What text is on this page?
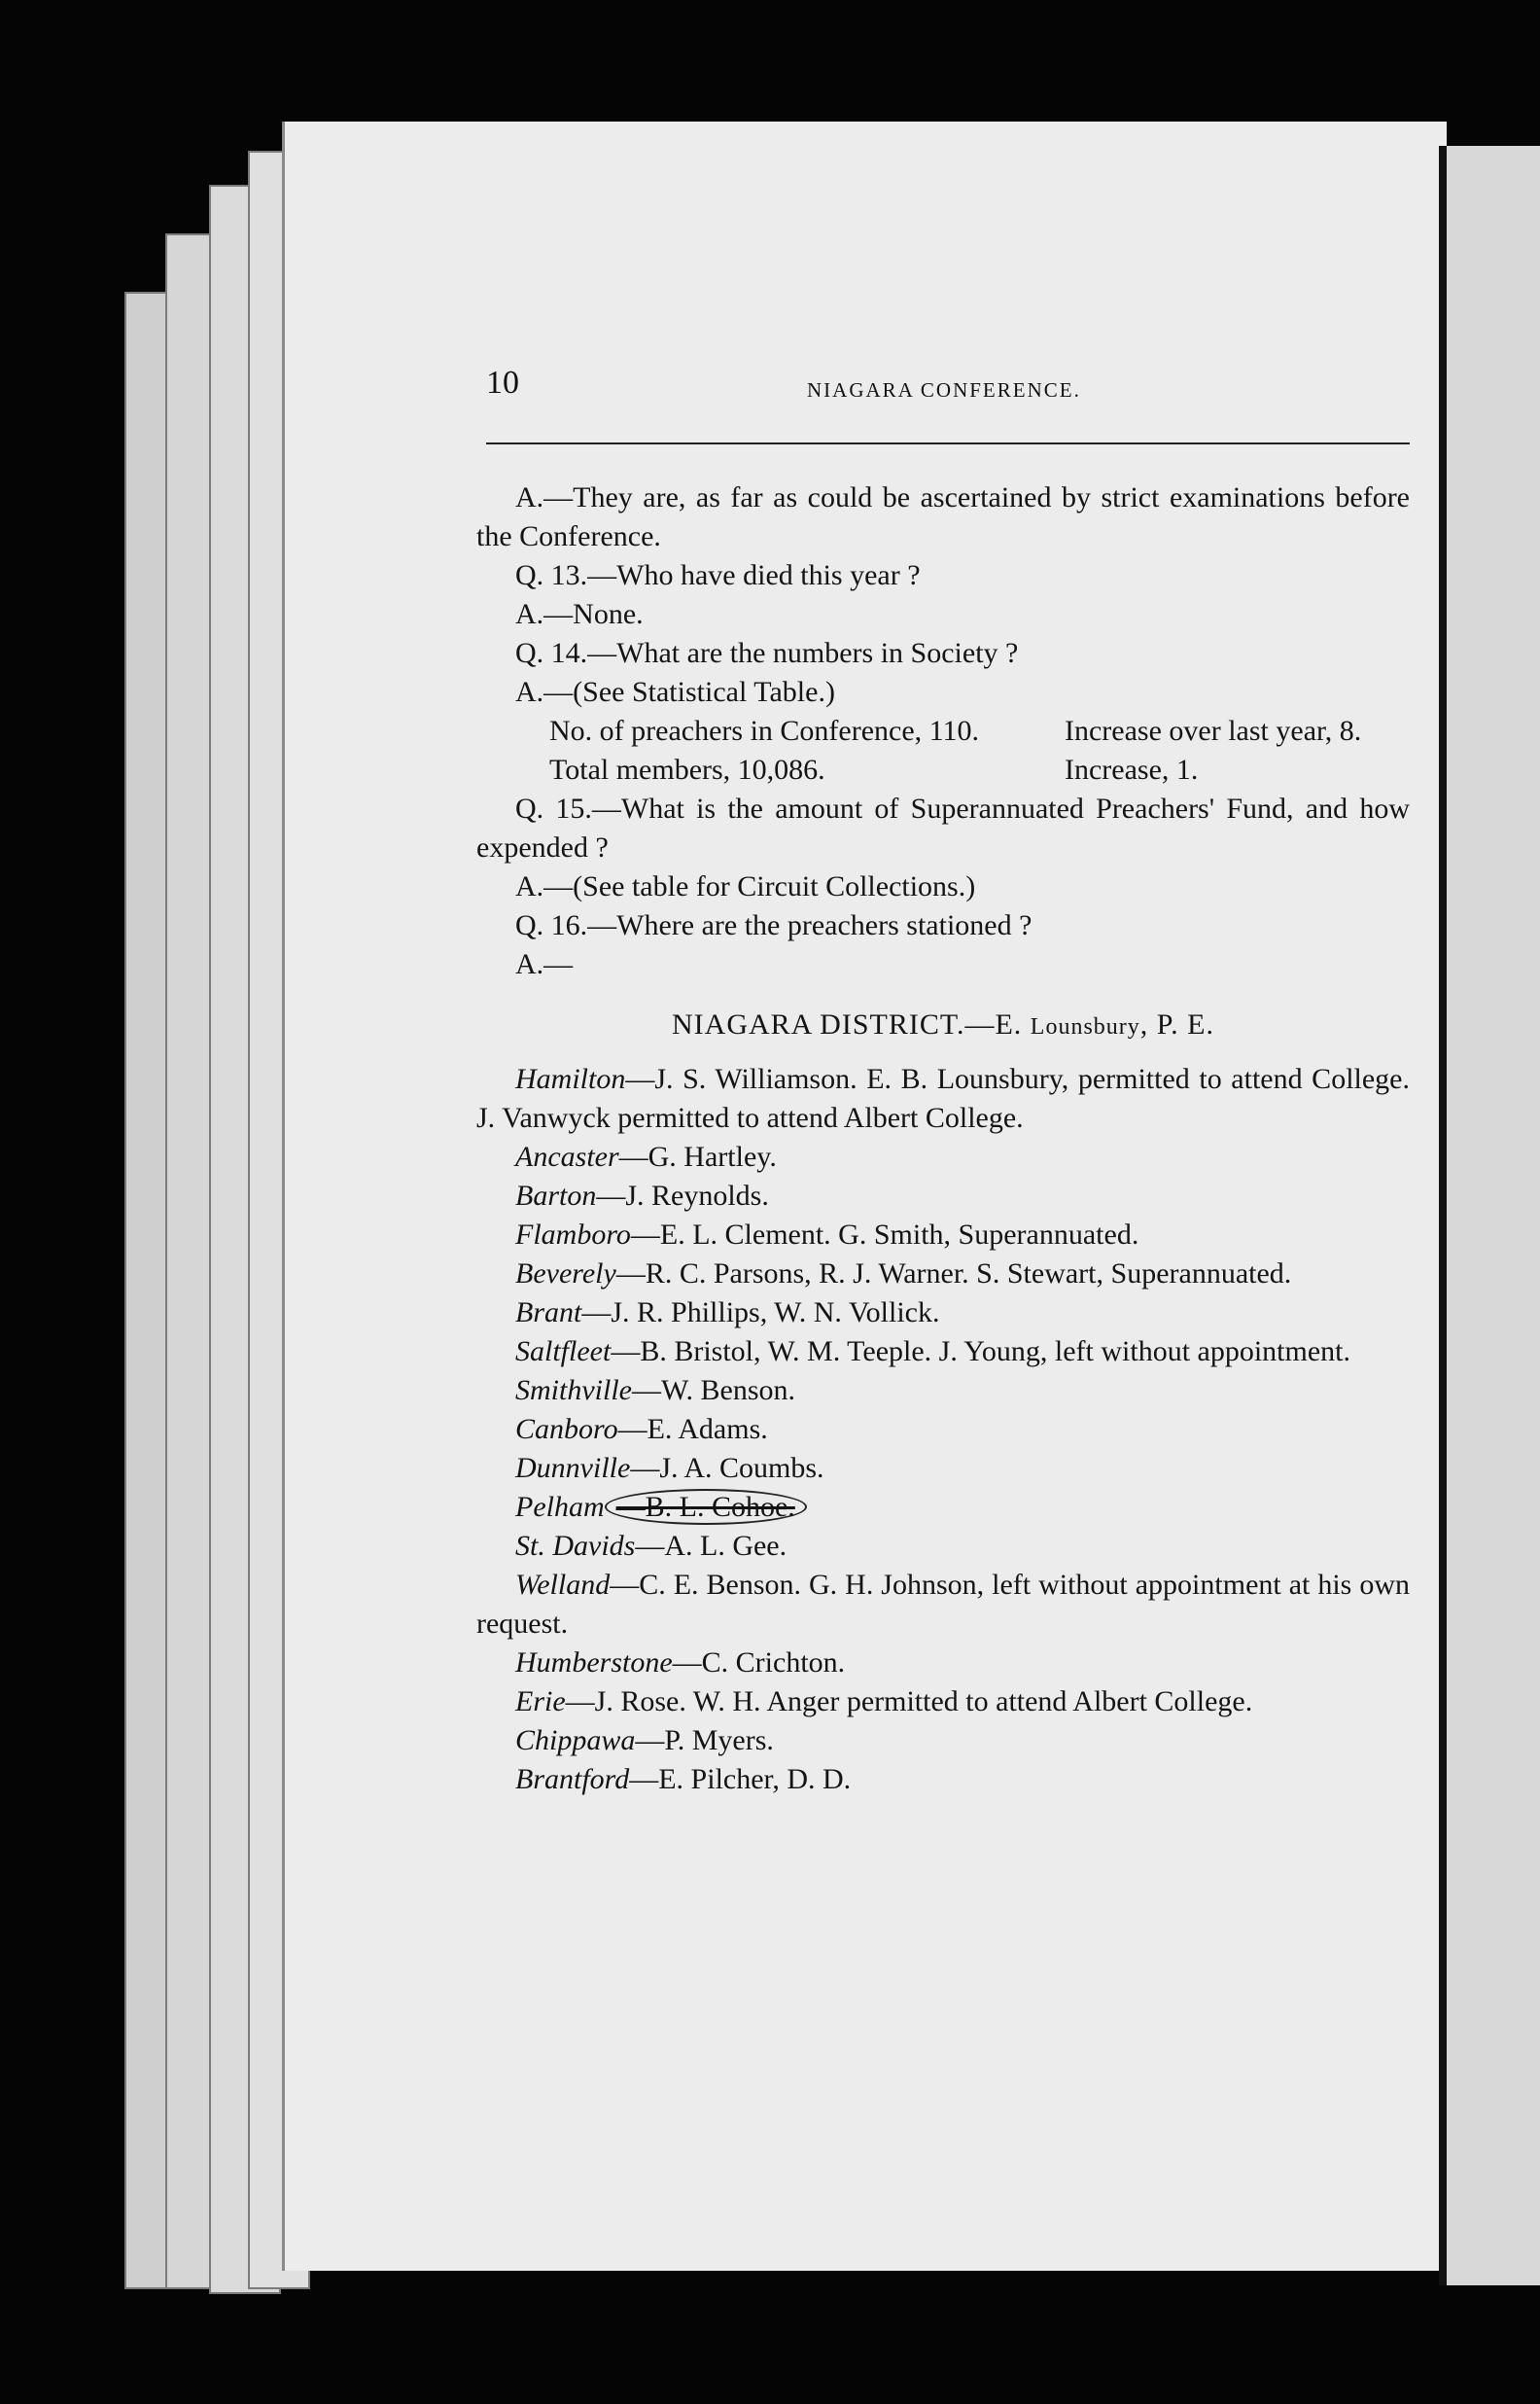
10	NIAGARA CONFERENCE.

A.—They are, as far as could be ascertained by strict examinations before the Conference.

Q. 13.—Who have died this year ?

A.—None.

Q. 14.—What are the numbers in Society ?

A.—(See Statistical Table.)

No. of preachers in Conference, 110.	Increase over last year, 8.
Total members, 10,086.	Increase, 1.

Q. 15.—What is the amount of Superannuated Preachers' Fund, and how expended ?

A.—(See table for Circuit Collections.)

Q. 16.—Where are the preachers stationed ?

A.—

NIAGARA DISTRICT.—E. Lounsbury, P. E.

Hamilton—J. S. Williamson. E. B. Lounsbury, permitted to attend College. J. Vanwyck permitted to attend Albert College.

Ancaster—G. Hartley.

Barton—J. Reynolds.

Flamboro—E. L. Clement. G. Smith, Superannuated.

Beverely—R. C. Parsons, R. J. Warner. S. Stewart, Superannuated.

Brant—J. R. Phillips, W. N. Vollick.

Saltfleet—B. Bristol, W. M. Teeple. J. Young, left without appointment.

Smithville—W. Benson.

Canboro—E. Adams.

Dunnville—J. A. Coumbs.

Pelham —B. L. Cohoe.

St. Davids—A. L. Gee.

Welland—C. E. Benson. G. H. Johnson, left without appointment at his own request.

Humberstone—C. Crichton.

Erie—J. Rose. W. H. Anger permitted to attend Albert College.

Chippawa—P. Myers.

Brantford—E. Pilcher, D. D.
